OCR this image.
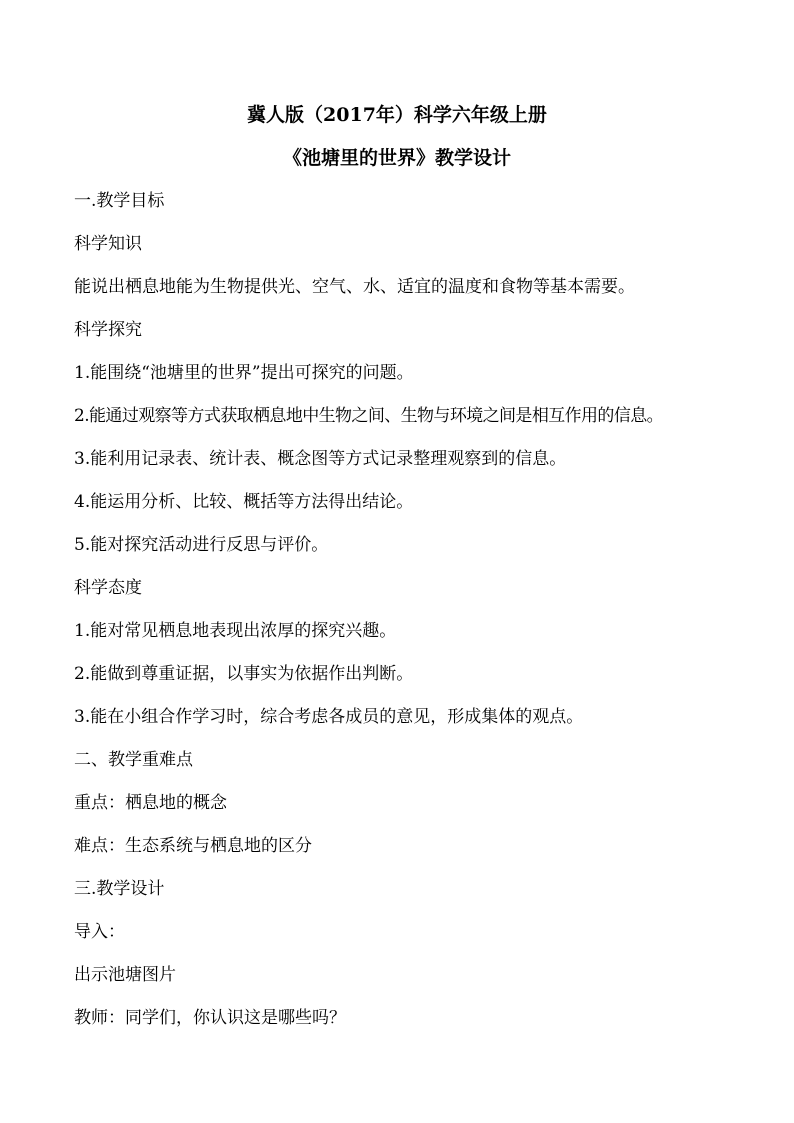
冀人版（2017年）科学六年级上册
《池塘里的世界》教学设计
一.教学目标
科学知识
能说出栖息地能为生物提供光、空气、水、适宜的温度和食物等基本需要。
科学探究
1.能围绕“池塘里的世界”提出可探究的问题。
2.能通过观察等方式获取栖息地中生物之间、生物与环境之间是相互作用的信息。
3.能利用记录表、统计表、概念图等方式记录整理观察到的信息。
4.能运用分析、比较、概括等方法得出结论。
5.能对探究活动进行反思与评价。
科学态度
1.能对常见栖息地表现出浓厚的探究兴趣。
2.能做到尊重证据，以事实为依据作出判断。
3.能在小组合作学习时，综合考虑各成员的意见，形成集体的观点。
二、教学重难点
重点：栖息地的概念
难点：生态系统与栖息地的区分
三.教学设计
导入：
出示池塘图片
教师：同学们，你认识这是哪些吗？
